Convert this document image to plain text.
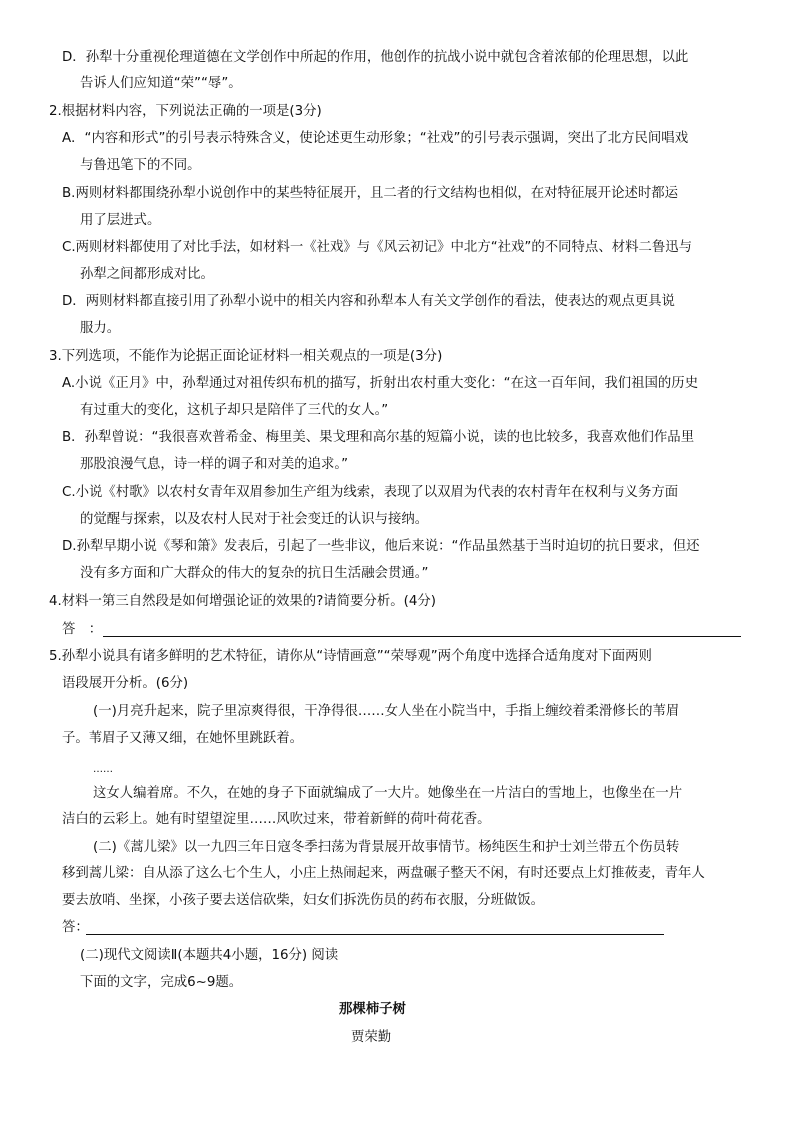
D．孙犁十分重视伦理道德在文学创作中所起的作用，他创作的抗战小说中就包含着浓郁的伦理思想，以此
告诉人们应知道“荣”“辱”。
2.根据材料内容，下列说法正确的一项是(3分)
A．“内容和形式”的引号表示特殊含义，使论述更生动形象；“社戏”的引号表示强调，突出了北方民间唱戏
与鲁迅笔下的不同。
B.两则材料都围绕孙犁小说创作中的某些特征展开，且二者的行文结构也相似，在对特征展开论述时都运
用了层进式。
C.两则材料都使用了对比手法，如材料一《社戏》与《风云初记》中北方“社戏”的不同特点、材料二鲁迅与
孙犁之间都形成对比。
D．两则材料都直接引用了孙犁小说中的相关内容和孙犁本人有关文学创作的看法，使表达的观点更具说
服力。
3.下列选项，不能作为论据正面论证材料一相关观点的一项是(3分)
A.小说《正月》中，孙犁通过对祖传织布机的描写，折射出农村重大变化：“在这一百年间，我们祖国的历史
有过重大的变化，这机子却只是陪伴了三代的女人。”
B．孙犁曾说：“我很喜欢普希金、梅里美、果戈理和高尔基的短篇小说，读的也比较多，我喜欢他们作品里
那股浪漫气息，诗一样的调子和对美的追求。”
C.小说《村歌》以农村女青年双眉参加生产组为线索，表现了以双眉为代表的农村青年在权利与义务方面
的觉醒与探索，以及农村人民对于社会变迁的认识与接纳。
D.孙犁早期小说《琴和箫》发表后，引起了一些非议，他后来说：“作品虽然基于当时迫切的抗日要求，但还
没有多方面和广大群众的伟大的复杂的抗日生活融会贯通。”
4.材料一第三自然段是如何增强论证的效果的?请简要分析。(4分)
答　：
5.孙犁小说具有诸多鲜明的艺术特征，请你从“诗情画意”“荣辱观”两个角度中选择合适角度对下面两则
语段展开分析。(6分)
(一)月亮升起来，院子里凉爽得很，干净得很……女人坐在小院当中，手指上缠绞着柔滑修长的苇眉
子。苇眉子又薄又细，在她怀里跳跃着。
……
这女人编着席。不久，在她的身子下面就编成了一大片。她像坐在一片洁白的雪地上，也像坐在一片
洁白的云彩上。她有时望望淀里……风吹过来，带着新鲜的荷叶荷花香。
(二)《蒿儿梁》以一九四三年日寇冬季扫荡为背景展开故事情节。杨纯医生和护士刘兰带五个伤员转
移到蒿儿梁：自从添了这么七个生人，小庄上热闹起来，两盘碾子整天不闲，有时还要点上灯推莜麦，青年人
要去放哨、坐探，小孩子要去送信砍柴，妇女们拆洗伤员的药布衣服，分班做饭。
答：
(二)现代文阅读Ⅱ(本题共4小题，16分) 阅读
下面的文字，完成6~9题。
那棵柿子树
贾荣勤
